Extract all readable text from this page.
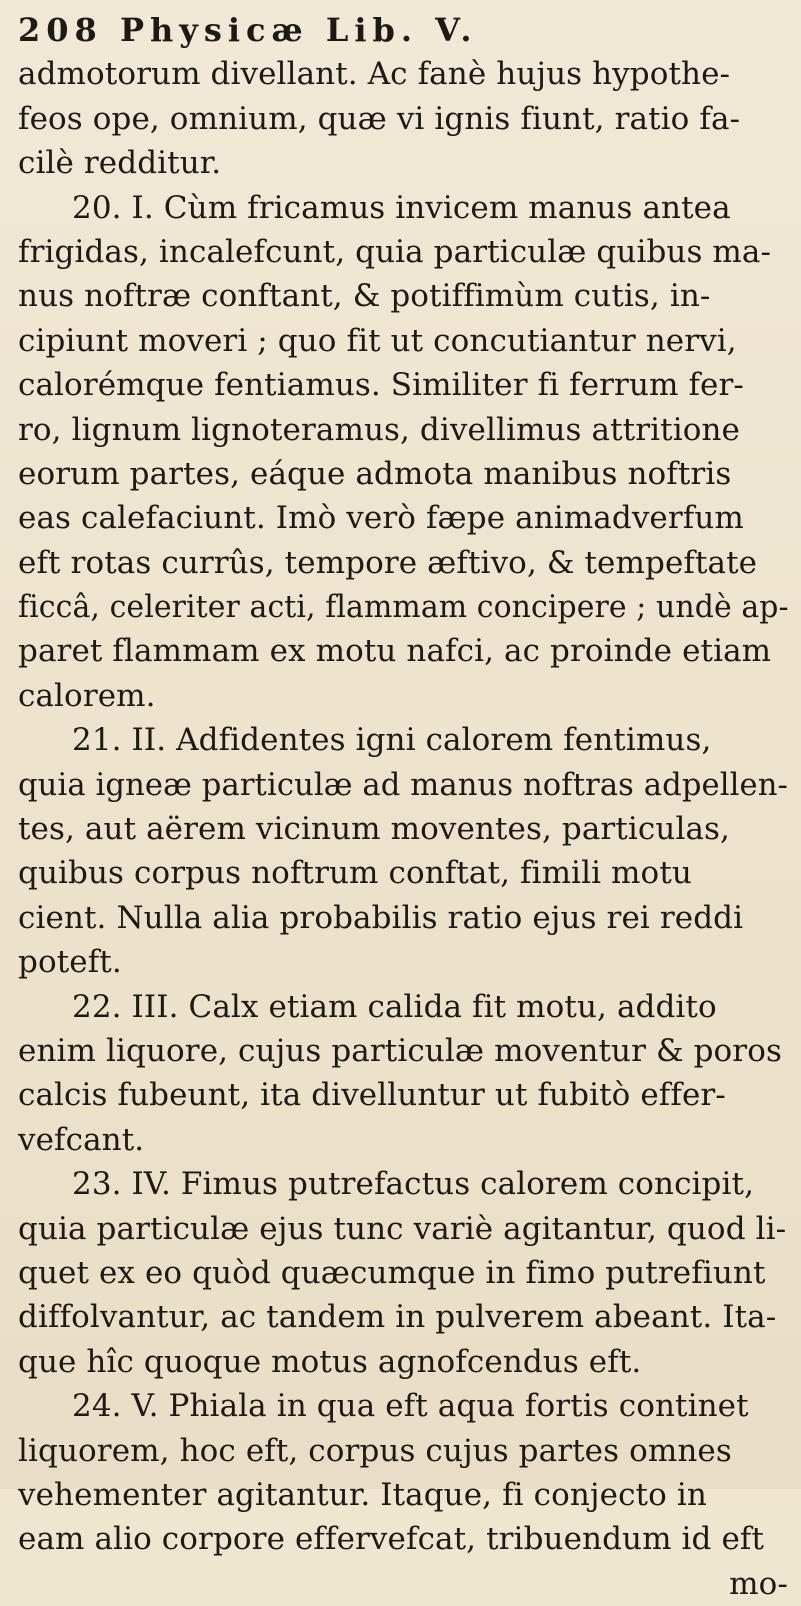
208 Physicæ Lib. V.
admotorum divellant. Ac fanè hujus hypothe-
feos ope, omnium, quæ vi ignis fiunt, ratio fa-
cilè redditur.
20. I. Cùm fricamus invicem manus antea
frigidas, incalefcunt, quia particulæ quibus ma-
nus noftræ conftant, & potiffimùm cutis, in-
cipiunt moveri ; quo fit ut concutiantur nervi,
calorémque fentiamus. Similiter fi ferrum fer-
ro, lignum lignoteramus, divellimus attritione
eorum partes, eáque admota manibus noftris
eas calefaciunt. Imò verò fæpe animadverfum
eft rotas currûs, tempore æftivo, & tempeftate
ficcâ, celeriter acti, flammam concipere ; undè ap-
paret flammam ex motu nafci, ac proinde etiam
calorem.
21. II. Adfidentes igni calorem fentimus,
quia igneæ particulæ ad manus noftras adpellen-
tes, aut aërem vicinum moventes, particulas,
quibus corpus noftrum conftat, fimili motu
cient. Nulla alia probabilis ratio ejus rei reddi
poteft.
22. III. Calx etiam calida fit motu, addito
enim liquore, cujus particulæ moventur & poros
calcis fubeunt, ita divelluntur ut fubitò effer-
vefcant.
23. IV. Fimus putrefactus calorem concipit,
quia particulæ ejus tunc variè agitantur, quod li-
quet ex eo quòd quæcumque in fimo putrefiunt
diffolvantur, ac tandem in pulverem abeant. Ita-
que hîc quoque motus agnofcendus eft.
24. V. Phiala in qua eft aqua fortis continet
liquorem, hoc eft, corpus cujus partes omnes
vehementer agitantur. Itaque, fi conjecto in
eam alio corpore effervefcat, tribuendum id eft
mo-
